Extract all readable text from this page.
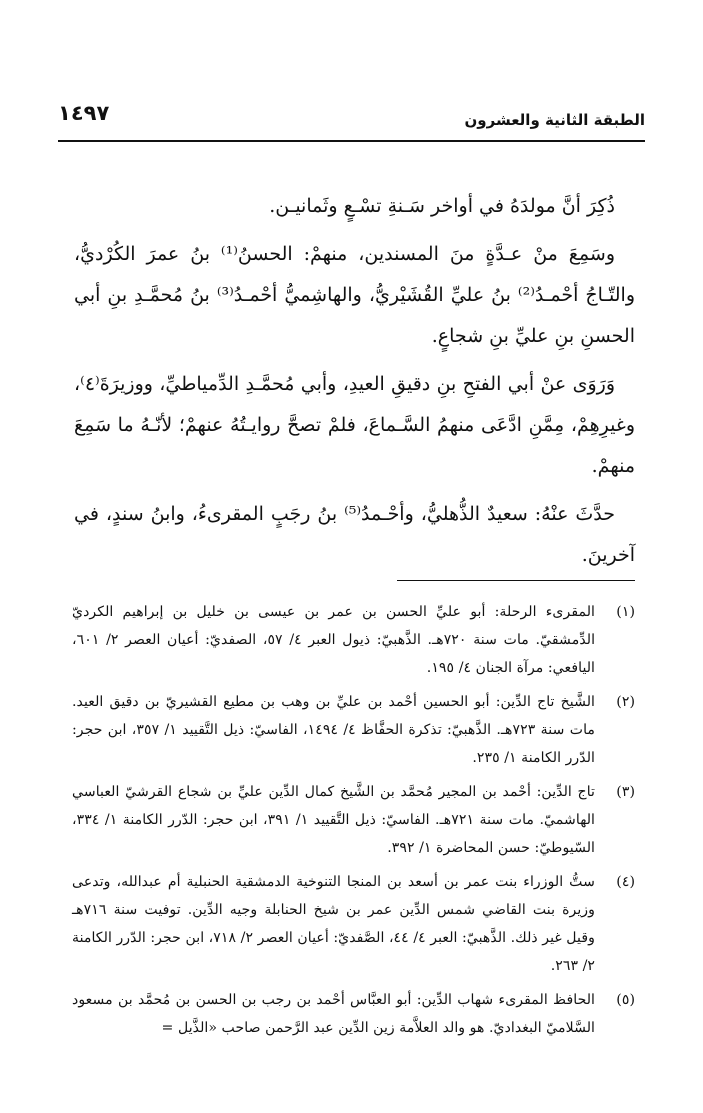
الطبقة الثانية والعشرون
١٤٩٧

ذُكِرَ أنَّ مولدَهُ في أواخر سَـنةِ تسْـعٍ وثَمانيـن.

وسَمِعَ منْ عـدَّةٍ منَ المسندين، منهمْ: الحسنُ⁽¹⁾ بنُ عمرَ الكُرْديُّ، والتّـاجُ أحْمـدُ⁽²⁾ بنُ عليِّ القُشَيْريُّ، والهاشِميُّ أحْمـدُ⁽³⁾ بنُ مُحمَّـدِ بنِ أبي الحسنِ بنِ عليِّ بنِ شجاعٍ.

وَرَوَى عنْ أبي الفتحِ بنِ دقيقِ العيدِ، وأبي مُحمَّـدِ الدِّمياطيِّ، ووزيرَةَ⁽٤⁾، وغيرِهِمْ، مِمَّنِ ادَّعَى منهمُ السَّـماعَ، فلمْ تصحَّ روايـتُهُ عنهمْ؛ لأنّـهُ ما سَمِعَ منهمْ.

حدَّثَ عنْهُ: سعيدٌ الذُّهليُّ، وأحْـمدُ⁽⁵⁾ بنُ رجَبٍ المقرىءُ، وابنُ سندٍ، في آخرينَ.

(١)
المقرىء الرحلة: أبو عليِّ الحسن بن عمر بن عيسى بن خليل بن إبراهيم الكرديّ الدِّمشقيّ. مات سنة ٧٢٠هـ. الذَّهبيّ: ذيول العبر ٤/ ٥٧، الصفديّ: أعيان العصر ٢/ ٦٠١، اليافعي: مرآة الجنان ٤/ ١٩٥.
(٢)
الشَّيخ تاج الدِّين: أبو الحسين أحْمد بن عليِّ بن وهب بن مطيع القشيريّ بن دقيق العيد. مات سنة ٧٢٣هـ. الذَّهبيّ: تذكرة الحفَّاظ ٤/ ١٤٩٤، الفاسيّ: ذيل التَّقييد ١/ ٣٥٧، ابن حجر: الدّرر الكامنة ١/ ٢٣٥.
(٣)
تاج الدِّين: أحْمد بن المجير مُحمَّد بن الشَّيخ كمال الدِّين عليِّ بن شجاع القرشيّ العباسي الهاشميّ. مات سنة ٧٢١هـ. الفاسيّ: ذيل التَّقييد ١/ ٣٩١، ابن حجر: الدّرر الكامنة ١/ ٣٣٤، السّيوطيّ: حسن المحاضرة ١/ ٣٩٢.
(٤)
ستُّ الوزراء بنت عمر بن أسعد بن المنجا التنوخية الدمشقية الحنبلية أم عبدالله، وتدعى وزيرة بنت القاضي شمس الدِّين عمر بن شيخ الحنابلة وجيه الدِّين. توفيت سنة ٧١٦هـ وقيل غير ذلك. الذَّهبيّ: العبر ٤/ ٤٤، الصَّفديّ: أعيان العصر ٢/ ٧١٨، ابن حجر: الدّرر الكامنة ٢/ ٢٦٣.
(٥)
الحافظ المقرىء شهاب الدِّين: أبو العبَّاس أحْمد بن رجب بن الحسن بن مُحمَّد بن مسعود السَّلاميّ البغداديّ. هو والد العلاَّمة زين الدِّين عبد الرَّحمن صاحب «الذَّيل =
